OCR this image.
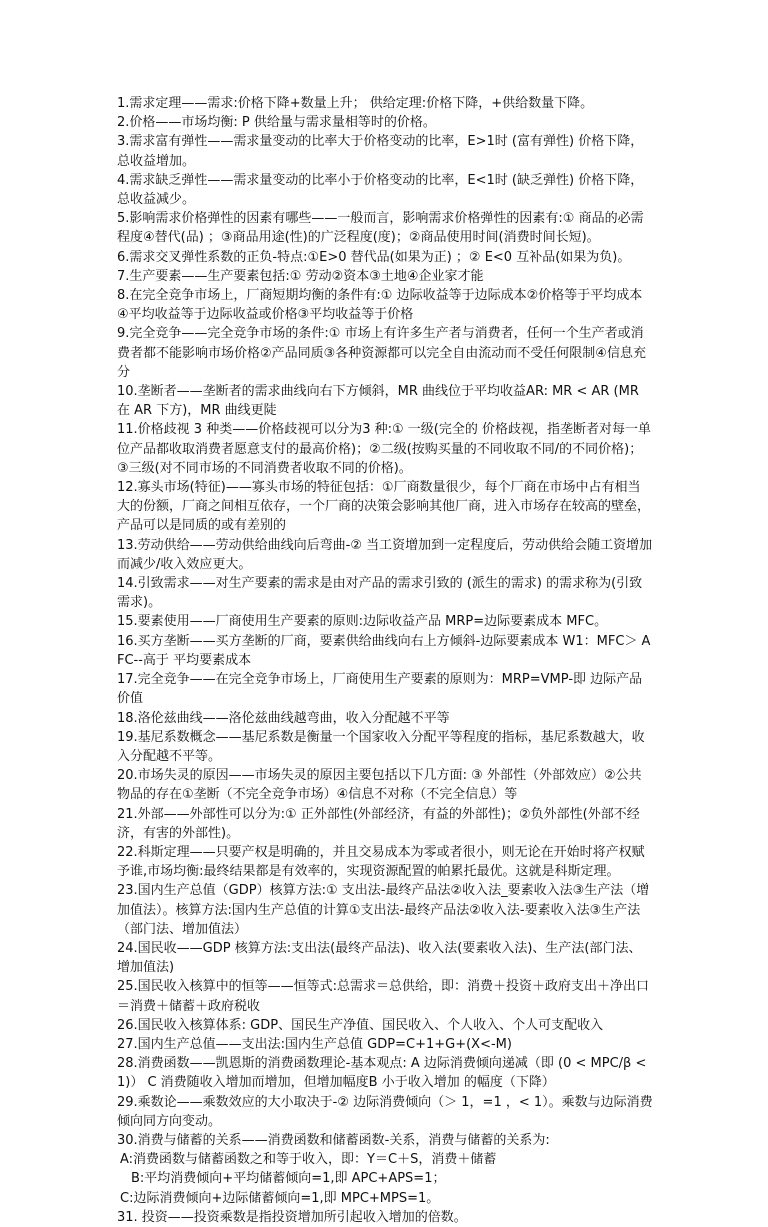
1.需求定理——需求:价格下降+数量上升； 供给定理:价格下降，+供给数量下降。
2.价格——市场均衡: P 供给量与需求量相等时的价格。
3.需求富有弹性——需求量变动的比率大于价格变动的比率，E>1时 (富有弹性) 价格下降，总收益增加。
4.需求缺乏弹性——需求量变动的比率小于价格变动的比率，E<1时 (缺乏弹性) 价格下降，总收益减少。
5.影响需求价格弹性的因素有哪些——一般而言，影响需求价格弹性的因素有:① 商品的必需程度④替代(品) ；③商品用途(性)的广泛程度(度)；②商品使用时间(消费时间长短)。
6.需求交叉弹性系数的正负-特点:①E>0 替代品(如果为正) ；② E<0 互补品(如果为负)。
7.生产要素——生产要素包括:① 劳动②资本③土地④企业家才能
8.在完全竞争市场上，厂商短期均衡的条件有:① 边际收益等于边际成本②价格等于平均成本④平均收益等于边际收益或价格③平均收益等于价格
9.完全竞争——完全竞争市场的条件:① 市场上有许多生产者与消费者，任何一个生产者或消费者都不能影响市场价格②产品同质③各种资源都可以完全自由流动而不受任何限制④信息充分
10.垄断者——垄断者的需求曲线向右下方倾斜，MR 曲线位于平均收益AR: MR < AR (MR 在 AR 下方)，MR 曲线更陡
11.价格歧视 3 种类——价格歧视可以分为3 种:① 一级(完全的 价格歧视，指垄断者对每一单位产品都收取消费者愿意支付的最高价格)；②二级(按购买量的不同收取不同/的不同价格)； ③三级(对不同市场的不同消费者收取不同的价格)。
12.寡头市场(特征)——寡头市场的特征包括：①厂商数量很少，每个厂商在市场中占有相当大的份额，厂商之间相互依存，一个厂商的决策会影响其他厂商，进入市场存在较高的壁垒，产品可以是同质的或有差别的
13.劳动供给——劳动供给曲线向后弯曲-② 当工资增加到一定程度后，劳动供给会随工资增加而减少/收入效应更大。
14.引致需求——对生产要素的需求是由对产品的需求引致的 (派生的需求) 的需求称为(引致需求)。
15.要素使用——厂商使用生产要素的原则:边际收益产品 MRP=边际要素成本 MFC。
16.买方垄断——买方垄断的厂商，要素供给曲线向右上方倾斜-边际要素成本 W1：MFC＞ AFC--高于 平均要素成本
17.完全竞争——在完全竞争市场上，厂商使用生产要素的原则为：MRP=VMP-即 边际产品价值
18.洛伦兹曲线——洛伦兹曲线越弯曲，收入分配越不平等
19.基尼系数概念——基尼系数是衡量一个国家收入分配平等程度的指标，基尼系数越大，收入分配越不平等。
20.市场失灵的原因——市场失灵的原因主要包括以下几方面: ③ 外部性（外部效应）②公共物品的存在①垄断（不完全竞争市场）④信息不对称（不完全信息）等
21.外部——外部性可以分为:① 正外部性(外部经济，有益的外部性)；②负外部性(外部不经济，有害的外部性)。
22.科斯定理——只要产权是明确的，并且交易成本为零或者很小，则无论在开始时将产权赋予谁,市场均衡:最终结果都是有效率的，实现资源配置的帕累托最优。这就是科斯定理。
23.国内生产总值（GDP）核算方法:① 支出法-最终产品法②收入法_要素收入法③生产法（增加值法）。核算方法:国内生产总值的计算①支出法-最终产品法②收入法-要素收入法③生产法（部门法、增加值法）
24.国民收——GDP 核算方法:支出法(最终产品法)、收入法(要素收入法)、生产法(部门法、增加值法)
25.国民收入核算中的恒等——恒等式:总需求＝总供给，即：消费＋投资＋政府支出＋净出口＝消费＋储蓄＋政府税收
26.国民收入核算体系: GDP、国民生产净值、国民收入、个人收入、个人可支配收入
27.国内生产总值——支出法:国内生产总值 GDP=C+1+G+(X<-M)
28.消费函数——凯恩斯的消费函数理论-基本观点: A 边际消费倾向递减（即 (0 < MPC/β <1)） C 消费随收入增加而增加，但增加幅度B 小于收入增加 的幅度（下降）
29.乘数论——乘数效应的大小取决于-② 边际消费倾向（＞ 1，=1 ，< 1）。乘数与边际消费倾向同方向变动。
30.消费与储蓄的关系——消费函数和储蓄函数-关系，消费与储蓄的关系为:
A:消费函数与储蓄函数之和等于收入，即：Y＝C＋S，消费＋储蓄
B:平均消费倾向+平均储蓄倾向=1,即 APC+APS=1；
C:边际消费倾向+边际储蓄倾向=1,即 MPC+MPS=1。
31. 投资——投资乘数是指投资增加所引起收入增加的倍数。
